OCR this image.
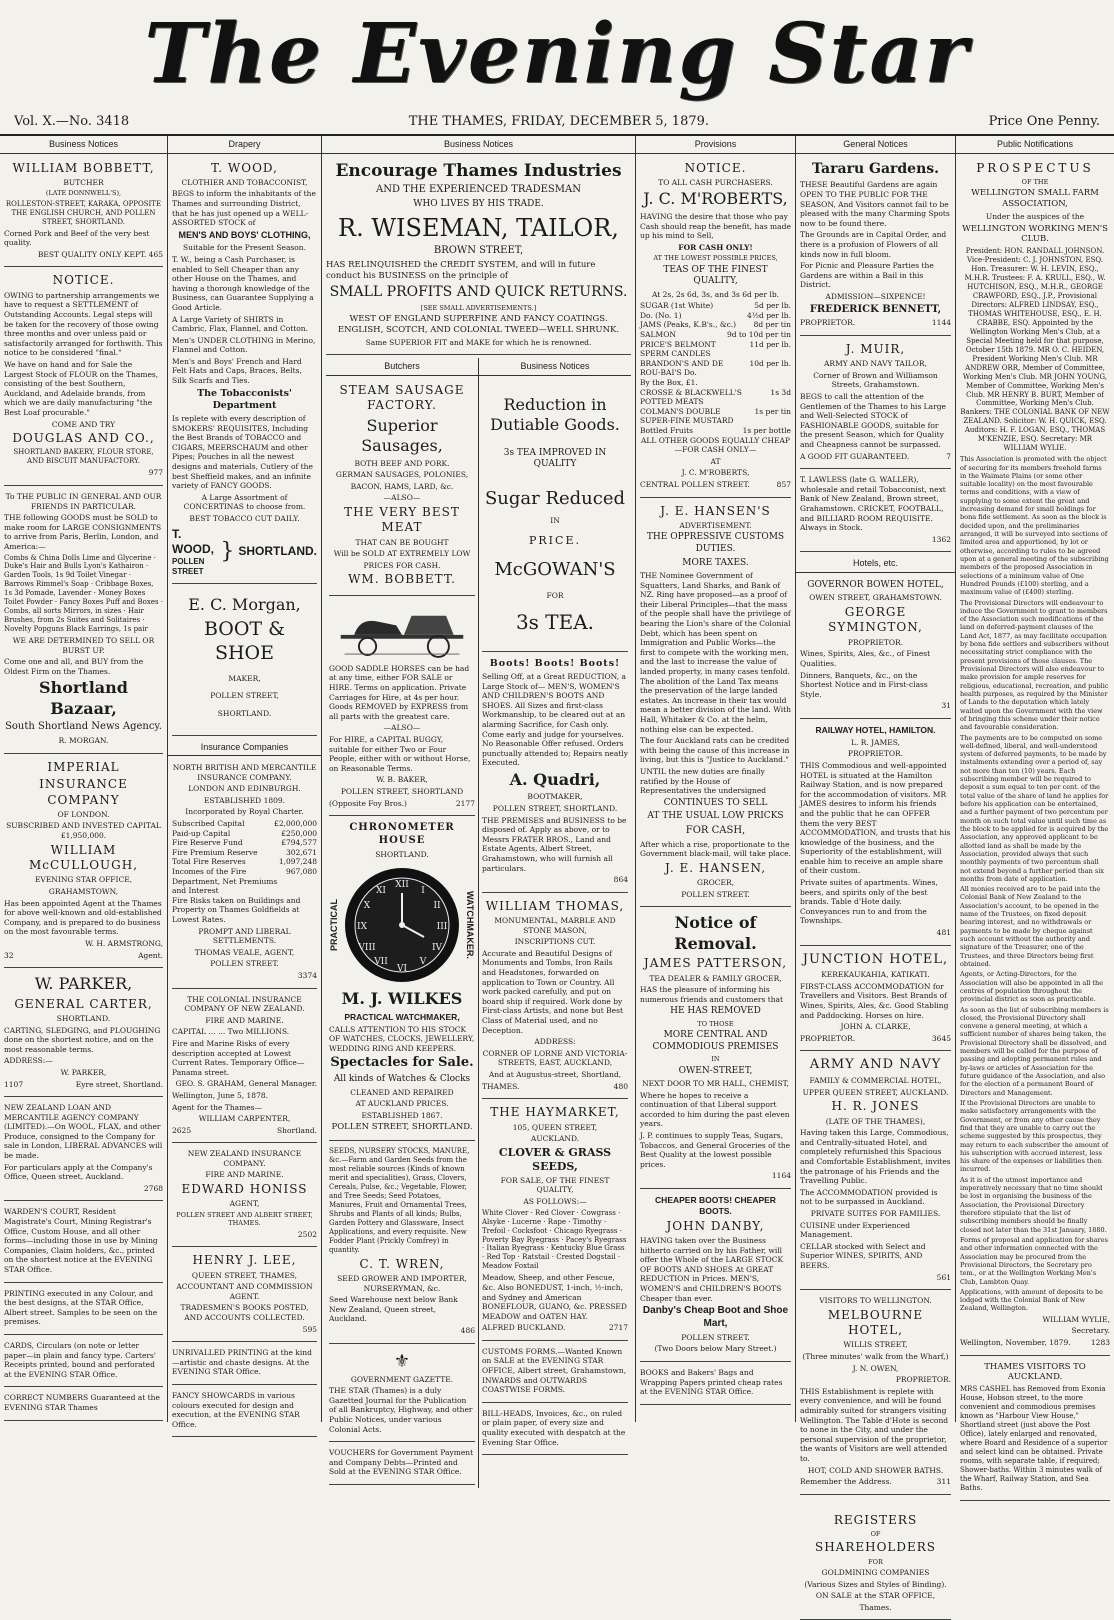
The Evening Star
Vol. X.—No. 3418	THE THAMES, FRIDAY, DECEMBER 5, 1879.	Price One Penny.
Business Notices

WILLIAM BOBBETT,

BUTCHER

(LATE DONNWELL'S),

ROLLESTON-STREET, KARAKA, OPPOSITE THE ENGLISH CHURCH, AND POLLEN STREET, SHORTLAND.

Corned Pork and Beef of the very best quality.

BEST QUALITY ONLY KEPT. 465

NOTICE.

OWING to partnership arrangements we have to request a SETTLEMENT of Outstanding Accounts. Legal steps will be taken for the recovery of those owing three months and over unless paid or satisfactorily arranged for forthwith. This notice to be considered "final."

We have on hand and for Sale the Largest Stock of FLOUR on the Thames, consisting of the best Southern, Auckland, and Adelaide brands, from which we are daily manufacturing "the Best Loaf procurable."

COME AND TRY

DOUGLAS AND CO.,

SHORTLAND BAKERY, FLOUR STORE, AND BISCUIT MANUFACTORY.

977

To THE PUBLIC IN GENERAL AND OUR FRIENDS IN PARTICULAR.

THE following GOODS must be SOLD to make room for LARGE CONSIGNMENTS to arrive from Paris, Berlin, London, and America:—

Combs & China Dolls Lime and Glycerine · Duke's Hair and Bulls Lyon's Kathairon · Garden Tools, 1s 9d Toilet Vinegar · Barrows Rimmel's Soap · Cribbage Boxes, 1s 3d Pomade, Lavender · Money Boxes Toilet Powder · Fancy Boxes Puff and Boxes · Combs, all sorts Mirrors, in sizes · Hair Brushes, from 2s Suites and Solitaires · Novelty Popguns Black Earrings, 1s pair

WE ARE DETERMINED TO SELL OR BURST UP.

Come one and all, and BUY from the Oldest Firm on the Thames.

Shortland Bazaar,

South Shortland News Agency.

R. MORGAN.

IMPERIAL

INSURANCE COMPANY

OF LONDON.

SUBSCRIBED AND INVESTED CAPITAL £1,950,000.

WILLIAM McCULLOUGH,

EVENING STAR OFFICE,

GRAHAMSTOWN,

Has been appointed Agent at the Thames for above well-known and old-established Company, and is prepared to do business on the most favourable terms.

W. H. ARMSTRONG,

32	Agent.

W. PARKER,

GENERAL CARTER,

SHORTLAND.

CARTING, SLEDGING, and PLOUGHING done on the shortest notice, and on the most reasonable terms.

ADDRESS:—

W. PARKER,

1107	Eyre street, Shortland.

NEW ZEALAND LOAN AND MERCANTILE AGENCY COMPANY (LIMITED).—On WOOL, FLAX, and other Produce, consigned to the Company for sale in London, LIBERAL ADVANCES will be made.

For particulars apply at the Company's Office, Queen street, Auckland.

2768

WARDEN'S COURT, Resident Magistrate's Court, Mining Registrar's Office, Custom House, and all other forms—including those in use by Mining Companies, Claim holders, &c., printed on the shortest notice at the EVENING STAR Office.

PRINTING executed in any Colour, and the best designs, at the STAR Office, Albert street. Samples to be seen on the premises.

CARDS, Circulars (on note or letter paper—in plain and fancy type. Carters' Receipts printed, bound and perforated at the EVENING STAR Office.

CORRECT NUMBERS Guaranteed at the EVENING STAR Thames

Drapery

T. WOOD,

CLOTHIER AND TOBACCONIST,

BEGS to inform the inhabitants of the Thames and surrounding District, that he has just opened up a WELL-ASSORTED STOCK of

MEN'S AND BOYS' CLOTHING,

Suitable for the Present Season.

T. W., being a Cash Purchaser, is enabled to Sell Cheaper than any other House on the Thames, and having a thorough knowledge of the Business, can Guarantee Supplying a Good Article.

A Large Variety of SHIRTS in Cambric, Flax, Flannel, and Cotton.

Men's UNDER CLOTHING in Merino, Flannel and Cotton.

Men's and Boys' French and Hard Felt Hats and Caps, Braces, Belts, Silk Scarfs and Ties.

The Tobacconists' Department

Is replete with every description of SMOKERS' REQUISITES, Including the Best Brands of TOBACCO and CIGARS, MEERSCHAUM and other Pipes; Pouches in all the newest designs and materials, Cutlery of the best Sheffield makes, and an infinite variety of FANCY GOODS.

A Large Assortment of CONCERTINAS to choose from.

BEST TOBACCO CUT DAILY.

T. WOOD,
POLLEN STREET
} SHORTLAND.

E. C. Morgan,

BOOT & SHOE

MAKER,

POLLEN STREET,

SHORTLAND.

Insurance Companies

NORTH BRITISH AND MERCANTILE INSURANCE COMPANY.

LONDON AND EDINBURGH.

ESTABLISHED 1809.

Incorporated by Royal Charter.

Subscribed Capital	£2,000,000
Paid-up Capital	£250,000
Fire Reserve Fund	£794,577
Fire Premium Reserve	302,671
Total Fire Reserves	1,097,248
Incomes of the Fire Department, Net Premiums and Interest
967,080

Fire Risks taken on Buildings and Property on Thames Goldfields at Lowest Rates.

PROMPT AND LIBERAL SETTLEMENTS.

THOMAS VEALE, AGENT,

POLLEN STREET.

3374

THE COLONIAL INSURANCE COMPANY OF NEW ZEALAND.

FIRE AND MARINE.

CAPITAL ... ... Two MILLIONS.

Fire and Marine Risks of every description accepted at Lowest Current Rates. Temporary Office—Panama street.

GEO. S. GRAHAM, General Manager.

Wellington, June 5, 1878.

Agent for the Thames—

WILLIAM CARPENTER,

2625	Shortland.

NEW ZEALAND INSURANCE COMPANY.

FIRE AND MARINE.

EDWARD HONISS

AGENT,

POLLEN STREET AND ALBERT STREET, THAMES.

2502

HENRY J. LEE,

QUEEN STREET, THAMES,

ACCOUNTANT AND COMMISSION AGENT.

TRADESMEN'S BOOKS POSTED, AND ACCOUNTS COLLECTED.

595

UNRIVALLED PRINTING at the kind —artistic and chaste designs. At the EVENING STAR Office.

FANCY SHOWCARDS in various colours executed for design and execution, at the EVENING STAR Office.

Business Notices

Encourage Thames Industries

AND THE EXPERIENCED TRADESMAN

WHO LIVES BY HIS TRADE.

R. WISEMAN, TAILOR,

BROWN STREET,

HAS RELINQUISHED the CREDIT SYSTEM, and will in future conduct his BUSINESS on the principle of

SMALL PROFITS AND QUICK RETURNS.

[SEE SMALL ADVERTISEMENTS.]

WEST OF ENGLAND SUPERFINE AND FANCY COATINGS. ENGLISH, SCOTCH, AND COLONIAL TWEED—WELL SHRUNK.

Same SUPERIOR FIT and MAKE for which he is renowned.

Butchers

STEAM SAUSAGE FACTORY.

Superior Sausages,

BOTH BEEF AND PORK.

GERMAN SAUSAGES, POLONIES,

BACON, HAMS, LARD, &c.

—ALSO—

THE VERY BEST MEAT

THAT CAN BE BOUGHT

Will be SOLD AT EXTREMELY LOW

PRICES FOR CASH.

WM. BOBBETT.

GOOD SADDLE HORSES can be had at any time, either FOR SALE or HIRE. Terms on application. Private Carriages for Hire, at 4s per hour. Goods REMOVED by EXPRESS from all parts with the greatest care.

—ALSO—

For HIRE, a CAPITAL BUGGY, suitable for either Two or Four People, either with or without Horse, on Reasonable Terms.

W. B. BAKER,

POLLEN STREET, SHORTLAND

(Opposite Foy Bros.)	2177

CHRONOMETER HOUSE

SHORTLAND.

PRACTICAL
XII
III
VI
IX
I
II
IV
V
VII
VIII
X
XI
WATCHMAKER.

M. J. WILKES

PRACTICAL WATCHMAKER,

CALLS ATTENTION TO HIS STOCK OF WATCHES, CLOCKS, JEWELLERY, WEDDING RING AND KEEPERS.

Spectacles for Sale.

All kinds of Watches & Clocks

CLEANED AND REPAIRED

AT AUCKLAND PRICES.

ESTABLISHED 1867.

POLLEN STREET, SHORTLAND.

SEEDS, NURSERY STOCKS, MANURE, &c.—Farm and Garden Seeds from the most reliable sources (Kinds of known merit and specialities), Grass, Clovers, Cereals, Pulse, &c.; Vegetable, Flower, and Tree Seeds; Seed Potatoes, Manures, Fruit and Ornamental Trees, Shrubs and Plants of all kinds; Bulbs, Garden Pottery and Glassware, Insect Applications, and every requisite. New Fodder Plant (Prickly Comfrey) in quantity.

C. T. WREN,

SEED GROWER AND IMPORTER, NURSERYMAN, &c.

Seed Warehouse next below Bank New Zealand, Queen street, Auckland.

486

⚜

GOVERNMENT GAZETTE.

THE STAR (Thames) is a duly Gazetted Journal for the Publication of all Bankruptcy, Highway, and other Public Notices, under various Colonial Acts.

VOUCHERS for Government Payment and Company Debts—Printed and Sold at the EVENING STAR Office.

Business Notices

Reduction in Dutiable Goods.

3s TEA IMPROVED IN QUALITY

Sugar Reduced

IN

PRICE.

McGOWAN'S

FOR

3s TEA.

Boots! Boots! Boots!

Selling Off, at a Great REDUCTION, a Large Stock of— MEN'S, WOMEN'S AND CHILDREN'S BOOTS AND SHOES. All Sizes and first-class Workmanship, to be cleared out at an alarming Sacrifice, for Cash only. Come early and judge for yourselves. No Reasonable Offer refused. Orders punctually attended to; Repairs neatly Executed.

A. Quadri,

BOOTMAKER,

POLLEN STREET, SHORTLAND.

THE PREMISES and BUSINESS to be disposed of. Apply as above, or to Messrs FRATER BROS., Land and Estate Agents, Albert Street, Grahamstown, who will furnish all particulars.

864

WILLIAM THOMAS,

MONUMENTAL, MARBLE AND STONE MASON,

INSCRIPTIONS CUT.

Accurate and Beautiful Designs of Monuments and Tombs, Iron Rails and Headstones, forwarded on application to Town or Country. All work packed carefully, and put on board ship if required. Work done by First-class Artists, and none but Best Class of Material used, and no Deception.

ADDRESS:

CORNER OF LORNE AND VICTORIA-STREETS, EAST, AUCKLAND,

And at Augustus-street, Shortland,

THAMES.	480

THE HAYMARKET,

105, QUEEN STREET,

AUCKLAND.

CLOVER & GRASS SEEDS,

FOR SALE, OF THE FINEST QUALITY,

AS FOLLOWS:—

White Clover · Red Clover · Cowgrass · Alsyke · Lucerne · Rape · Timothy · Trefoil · Cocksfoot · Chicago Ryegrass · Poverty Bay Ryegrass · Pacey's Ryegrass · Italian Ryegrass · Kentucky Blue Grass · Red Top · Ratstail · Crested Dogstail · Meadow Foxtail

Meadow, Sheep, and other Fescue, &c. Also BONEDUST, 1-inch, ½-inch, and Sydney and American BONEFLOUR, GUANO, &c. PRESSED MEADOW and OATEN HAY.

ALFRED BUCKLAND.	2717

CUSTOMS FORMS.—Wanted Known on SALE at the EVENING STAR OFFICE, Albert street, Grahamstown, INWARDS and OUTWARDS COASTWISE FORMS.

BILL-HEADS, Invoices, &c., on ruled or plain paper, of every size and quality executed with despatch at the Evening Star Office.

Provisions

NOTICE.

TO ALL CASH PURCHASERS.

J. C. M'ROBERTS,

HAVING the desire that those who pay Cash should reap the benefit, has made up his mind to Sell,

FOR CASH ONLY!

AT THE LOWEST POSSIBLE PRICES,

TEAS OF THE FINEST QUALITY,

At 2s, 2s 6d, 3s, and 3s 6d per lb.

SUGAR (1st White)	5d per lb.
Do. (No. 1)	4½d per lb.
JAMS (Peaks, K.B's., &c.) 8d per tin
SALMON	9d to 10d per tin
PRICE'S BELMONT SPERM CANDLES
11d per lb.
BRANDON'S AND DE ROU-BAI'S Do.
10d per lb.
By the Box, £1.
CROSSE & BLACKWELL'S POTTED MEATS
1s 3d
COLMAN'S DOUBLE SUPER-FINE MUSTARD
1s per tin
Bottled Fruits	1s per bottle

ALL OTHER GOODS EQUALLY CHEAP —FOR CASH ONLY—

AT

J. C. M'ROBERTS,

CENTRAL POLLEN STREET.	857

J. E. HANSEN'S

ADVERTISEMENT.

THE OPPRESSIVE CUSTOMS DUTIES.

MORE TAXES.

THE Nominee Government of Squatters, Land Sharks, and Bank of NZ. Ring have proposed—as a proof of their Liberal Principles—that the mass of the people shall have the privilege of bearing the Lion's share of the Colonial Debt, which has been spent on Immigration and Public Works—the first to compete with the working men, and the last to increase the value of landed property, in many cases tenfold. The abolition of the Land Tax means the preservation of the large landed estates. An increase in their tax would mean a better division of the land. With Hall, Whitaker & Co. at the helm, nothing else can be expected.

The four Auckland rats can be credited with being the cause of this increase in living, but this is "Justice to Auckland."

UNTIL the new duties are finally ratified by the House of Representatives the undersigned

CONTINUES TO SELL

AT THE USUAL LOW PRICKS

FOR CASH,

After which a rise, proportionate to the Government black-mail, will take place.

J. E. HANSEN,

GROCER,

POLLEN STREET.

Notice of Removal.

JAMES PATTERSON,

TEA DEALER & FAMILY GROCER,

HAS the pleasure of informing his numerous friends and customers that

HE HAS REMOVED

TO THOSE

MORE CENTRAL AND COMMODIOUS PREMISES

IN

OWEN-STREET,

NEXT DOOR TO MR HALL, CHEMIST,

Where he hopes to receive a continuation of that Liberal support accorded to him during the past eleven years.

J. P. continues to supply Teas, Sugars, Tobaccos, and General Groceries of the Best Quality at the lowest possible prices.

1164

CHEAPER BOOTS! CHEAPER BOOTS.

JOHN DANBY,

HAVING taken over the Business hitherto carried on by his Father, will offer the Whole of the LARGE STOCK OF BOOTS AND SHOES At GREAT REDUCTION in Prices. MEN'S, WOMEN'S and CHILDREN'S BOOTS Cheaper than ever.

Danby's Cheap Boot and Shoe Mart,

POLLEN STREET.

(Two Doors below Mary Street.)

BOOKS and Bakers' Bags and Wrapping Papers printed cheap rates at the EVENING STAR Office.

General Notices

Tararu Gardens.

THESE Beautiful Gardens are again OPEN TO THE PUBLIC FOR THE SEASON, And Visitors cannot fail to be pleased with the many Charming Spots now to be found there.

The Grounds are in Capital Order, and there is a profusion of Flowers of all kinds now in full bloom.

For Picnic and Pleasure Parties the Gardens are within a Bail in this District.

ADMISSION—SIXPENCE!

FREDERICK BENNETT,

PROPRIETOR.	1144

J. MUIR,

ARMY AND NAVY TAILOR,

Corner of Brown and Williamson Streets, Grahamstown.

BEGS to call the attention of the Gentlemen of the Thames to his Large and Well-Selected STOCK of FASHIONABLE GOODS, suitable for the present Season, which for Quality and Cheapness cannot be surpassed.

A GOOD FIT GUARANTEED.	7

T. LAWLESS (late G. WALLER), wholesale and retail Tobacconist, next Bank of New Zealand, Brown street, Grahamstown. CRICKET, FOOTBALL, and BILLIARD ROOM REQUISITE. Always in Stock.

1362

Hotels, etc.

GOVERNOR BOWEN HOTEL,

OWEN STREET, GRAHAMSTOWN.

GEORGE SYMINGTON,

PROPRIETOR.

Wines, Spirits, Ales, &c., of Finest Qualities.

Dinners, Banquets, &c., on the Shortest Notice and in First-class Style.

31

RAILWAY HOTEL, HAMILTON.

L. R. JAMES,

PROPRIETOR.

THIS Commodious and well-appointed HOTEL is situated at the Hamilton Railway Station, and is now prepared for the accommodation of visitors. MR JAMES desires to inform his friends and the public that he can OFFER them the very BEST ACCOMMODATION, and trusts that his knowledge of the business, and the Superiority of the establishment, will enable him to receive an ample share of their custom.

Private suites of apartments. Wines, beers, and spirits only of the best brands. Table d'Hote daily. Conveyances run to and from the Townships.

481

JUNCTION HOTEL,

KEREKAUKAHIA, KATIKATI.

FIRST-CLASS ACCOMMODATION for Travellers and Visitors. Best Brands of Wines, Spirits, Ales, &c. Good Stabling and Paddocking. Horses on hire.

JOHN A. CLARKE,

PROPRIETOR.	3645

ARMY AND NAVY

FAMILY & COMMERCIAL HOTEL,

UPPER QUEEN STREET, AUCKLAND.

H. R. JONES

(LATE OF THE THAMES),

Having taken this Large, Commodious, and Centrally-situated Hotel, and completely refurnished this Spacious and Comfortable Establishment, invites the patronage of his Friends and the Travelling Public.

The ACCOMMODATION provided is not to be surpassed in Auckland.

PRIVATE SUITES FOR FAMILIES.

CUISINE under Experienced Management.

CELLAR stocked with Select and Superior WINES, SPIRITS, AND BEERS.

561

VISITORS TO WELLINGTON.

MELBOURNE HOTEL,

WILLIS STREET,

(Three minutes' walk from the Wharf,)

J. N. OWEN,

PROPRIETOR.

THIS Establishment is replete with every convenience, and will be found admirably suited for strangers visiting Wellington. The Table d'Hote is second to none in the City, and under the personal supervision of the proprietor, the wants of Visitors are well attended to.

HOT, COLD AND SHOWER BATHS.

Remember the Address.	311

REGISTERS

OF

SHAREHOLDERS

FOR

GOLDMINING COMPANIES

(Various Sizes and Styles of Binding).

ON SALE at the STAR OFFICE,

Thames.

Public Notifications

PROSPECTUS

OF THE

WELLINGTON SMALL FARM ASSOCIATION,

Under the auspices of the

WELLINGTON WORKING MEN'S CLUB.

President: HON. RANDALL JOHNSON. Vice-President: C. J. JOHNSTON, ESQ. Hon. Treasurer: W. H. LEVIN, ESQ., M.H.R. Trustees: F. A. KRULL, ESQ., W. HUTCHISON, ESQ., M.H.R., GEORGE CRAWFORD, ESQ., J.P., Provisional Directors: ALFRED LINDSAY, ESQ., THOMAS WHITEHOUSE, ESQ., E. H. CRABBE, ESQ. Appointed by the Wellington Working Men's Club, at a Special Meeting held for that purpose, October 15th 1879. MR O. C. HEIDEN, President Working Men's Club. MR ANDREW ORR, Member of Committee, Working Men's Club. MR JOHN YOUNG, Member of Committee, Working Men's Club. MR HENRY B. BURT, Member of Committee, Working Men's Club. Bankers: THE COLONIAL BANK OF NEW ZEALAND. Solicitor: W. H. QUICK, ESQ. Auditors: H. F. LOGAN, ESQ., THOMAS M'KENZIE, ESQ. Secretary: MR WILLIAM WYLIE.

This Association is promoted with the object of securing for its members freehold farms in the Waimate Plains (or some other suitable locality) on the most favourable terms and conditions, with a view of supplying to some extent the great and increasing demand for small holdings for bona fide settlement. As soon as the block is decided upon, and the preliminaries arranged, it will be surveyed into sections of limited area and apportioned, by lot or otherwise, according to rules to be agreed upon at a general meeting of the subscribing members of the proposed Association in selections of a minimum value of One Hundred Pounds (£100) sterling, and a maximum value of (£400) sterling.

The Provisional Directors will endeavour to induce the Government to grant to members of the Association such modifications of the land on deferred-payment clauses of the Land Act, 1877, as may facilitate occupation by bona fide settlers and subscribers without necessitating strict compliance with the present provisions of those clauses. The Provisional Directors will also endeavour to make provision for ample reserves for religious, educational, recreation, and public health purposes, as required by the Minister of Lands to the deputation which lately waited upon the Government with the view of bringing this scheme under their notice and favourable consideration.

The payments are to be computed on some well-defined, liberal, and well-understood system of deferred payments, to be made by instalments extending over a period of, say not more than ten (10) years. Each subscribing member will be required to deposit a sum equal to ten per cent. of the total value of the share of land he applies for before his application can be entertained, and a further payment of two percentum per month on such total value until such time as the block to be applied for is acquired by the Association, any approved applicant to be allotted land as shall be made by the Association, provided always that such monthly payments of two percentum shall not extend beyond a further period than six months from date of application.

All monies received are to be paid into the Colonial Bank of New Zealand to the Association's account, to be opened in the name of the Trustees, on fixed deposit bearing interest, and no withdrawals or payments to be made by cheque against such account without the authority and signature of the Treasurer, one of the Trustees, and three Directors being first obtained.

Agents, or Acting-Directors, for the Association will also be appointed in all the centres of population throughout the provincial district as soon as practicable.

As soon as the list of subscribing members is closed, the Provisional Directory shall convene a general meeting, at which a sufficient number of shares being taken, the Provisional Directory shall be dissolved, and members will be called for the purpose of passing and adopting permanent rules and by-laws or articles of Association for the future guidance of the Association, and also for the election of a permanent Board of Directors and Management.

If the Provisional Directors are unable to make satisfactory arrangements with the Government, or from any other cause they find that they are unable to carry out the scheme suggested by this prospectus, they may return to each subscriber the amount of his subscription with accrued interest, less his share of the expenses or liabilities then incurred.

As it is of the utmost importance and imperatively necessary that no time should be lost in organising the business of the Association, the Provisional Directory therefore stipulate that the list of subscribing members should be finally closed not later than the 31st January, 1880.

Forms of proposal and application for shares and other information connected with the Association may be procured from the Provisional Directors, the Secretary pro tem., or at the Wellington Working Men's Club, Lambton Quay.

Applications, with amount of deposits to be lodged with the Colonial Bank of New Zealand, Wellington.

WILLIAM WYLIE,

Secretary.

Wellington, November, 1879.	1283

THAMES VISITORS TO AUCKLAND.

MRS CASHEL has Removed from Exonia House, Hobson street, to the more convenient and commodious premises known as "Harbour View House," Shortland street (just above the Post Office), lately enlarged and renovated, where Board and Residence of a superior and select kind can be obtained. Private rooms, with separate table, if required; Shower-baths. Within 3 minutes walk of the Wharf, Railway Station, and Sea Baths.
